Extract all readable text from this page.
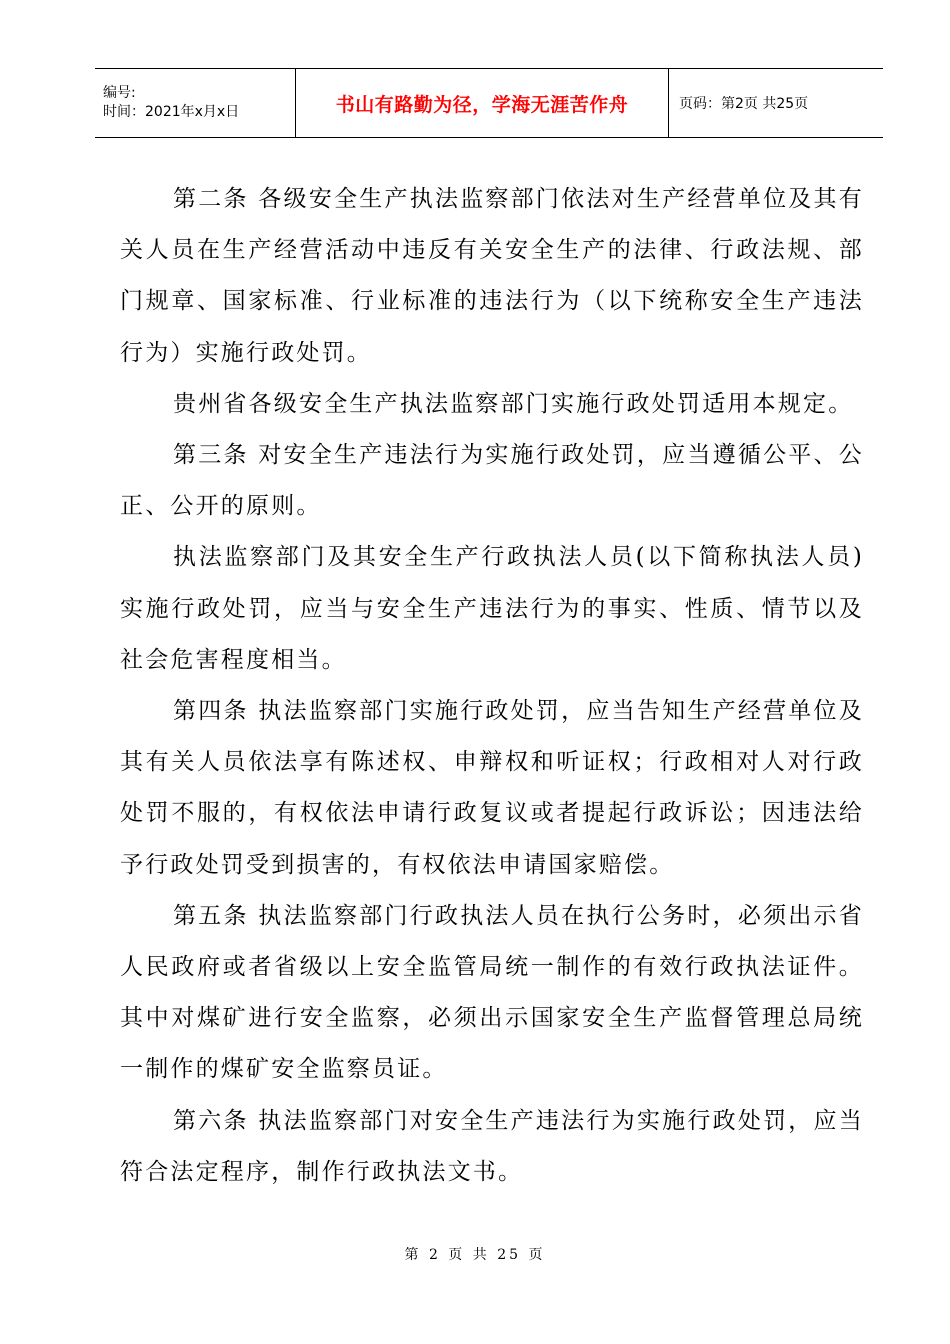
编号:
时间：2021年x月x日	书山有路勤为径，学海无涯苦作舟	页码：第2页 共25页

第二条 各级安全生产执法监察部门依法对生产经营单位及其有关人员在生产经营活动中违反有关安全生产的法律、行政法规、部门规章、国家标准、行业标准的违法行为（以下统称安全生产违法行为）实施行政处罚。

贵州省各级安全生产执法监察部门实施行政处罚适用本规定。

第三条 对安全生产违法行为实施行政处罚，应当遵循公平、公正、公开的原则。

执法监察部门及其安全生产行政执法人员(以下简称执法人员)实施行政处罚，应当与安全生产违法行为的事实、性质、情节以及社会危害程度相当。

第四条 执法监察部门实施行政处罚，应当告知生产经营单位及其有关人员依法享有陈述权、申辩权和听证权；行政相对人对行政处罚不服的，有权依法申请行政复议或者提起行政诉讼；因违法给予行政处罚受到损害的，有权依法申请国家赔偿。

第五条 执法监察部门行政执法人员在执行公务时，必须出示省人民政府或者省级以上安全监管局统一制作的有效行政执法证件。其中对煤矿进行安全监察，必须出示国家安全生产监督管理总局统一制作的煤矿安全监察员证。

第六条 执法监察部门对安全生产违法行为实施行政处罚，应当符合法定程序，制作行政执法文书。

第 2 页 共 25 页
